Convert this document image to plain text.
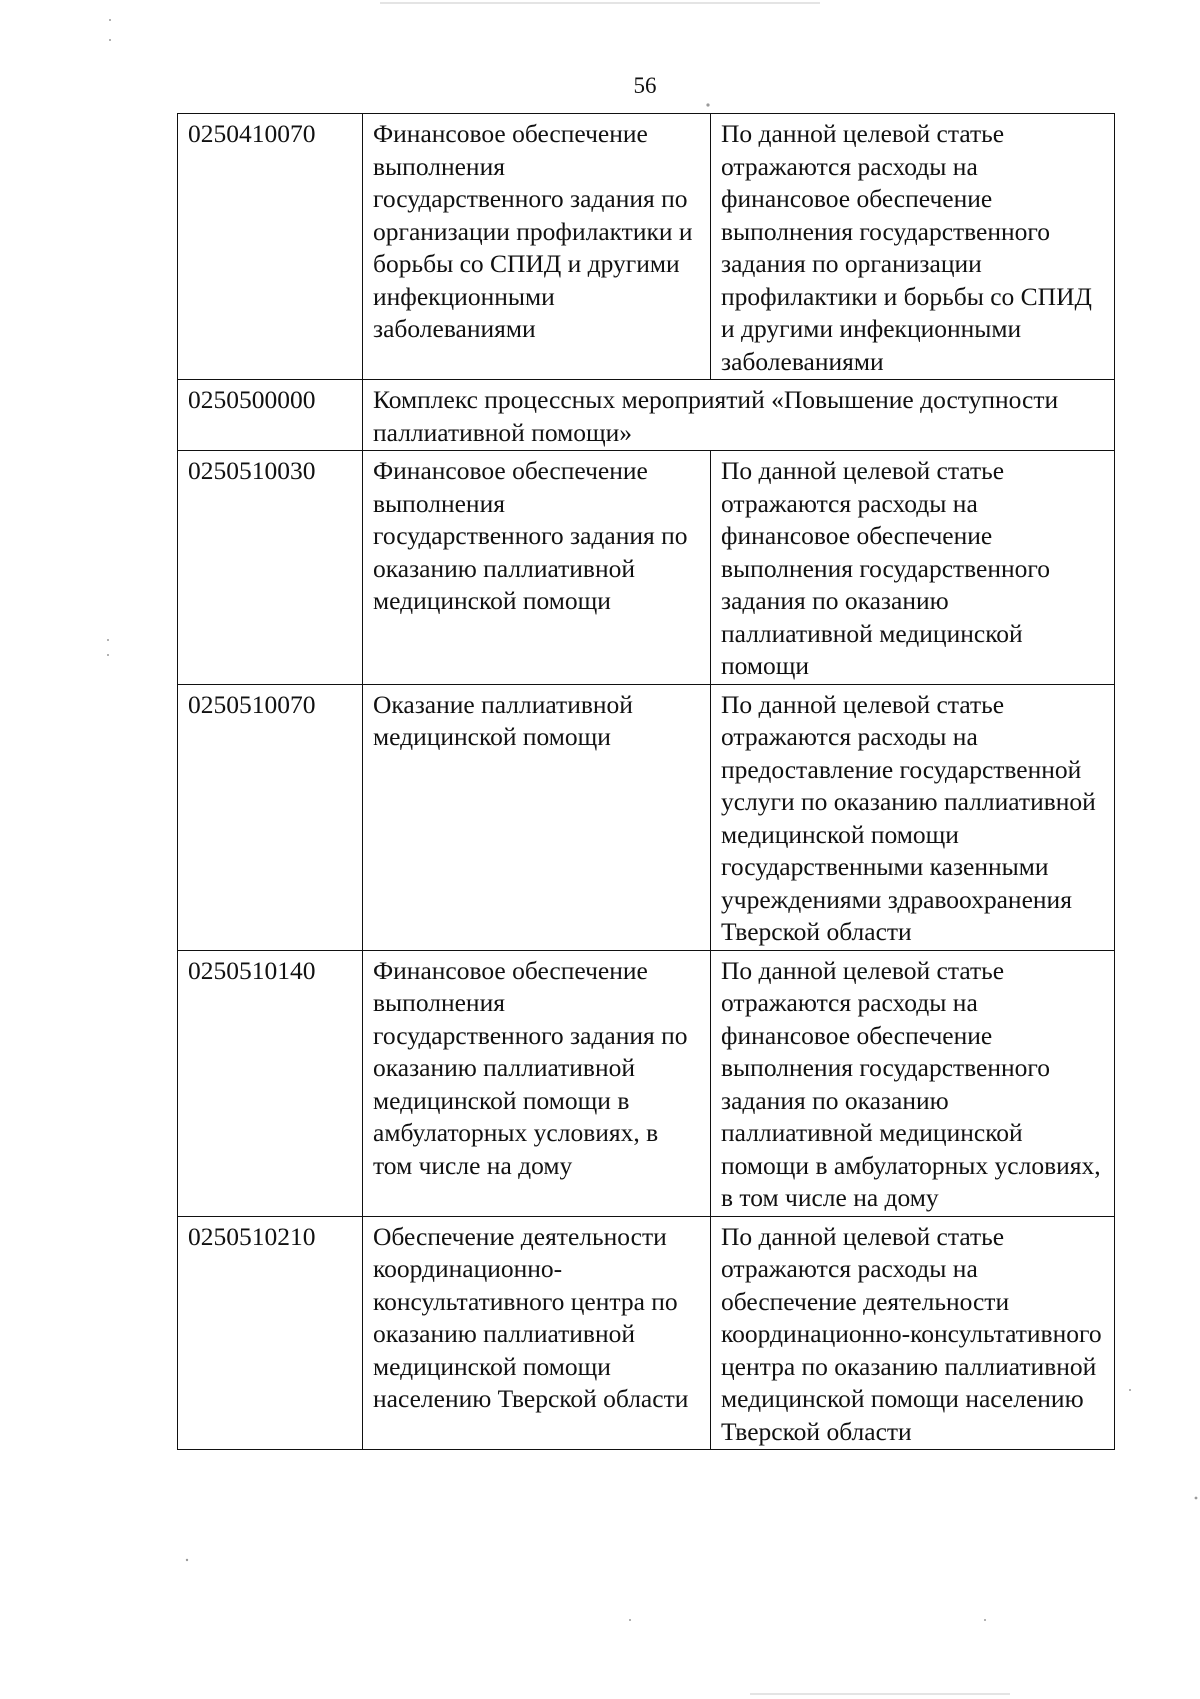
56
0250410070	Финансовое обеспечение выполнения государственного задания по организации профилактики и борьбы со СПИД и другими инфекционными заболеваниями	По данной целевой статье отражаются расходы на финансовое обеспечение выполнения государственного задания по организации профилактики и борьбы со СПИД и другими инфекционными заболеваниями
0250500000	Комплекс процессных мероприятий «Повышение доступности паллиативной помощи»	
0250510030	Финансовое обеспечение выполнения государственного задания по оказанию паллиативной медицинской помощи	По данной целевой статье отражаются расходы на финансовое обеспечение выполнения государственного задания по оказанию паллиативной медицинской помощи
0250510070	Оказание паллиативной медицинской помощи	По данной целевой статье отражаются расходы на предоставление государственной услуги по оказанию паллиативной медицинской помощи государственными казенными учреждениями здравоохранения Тверской области
0250510140	Финансовое обеспечение выполнения государственного задания по оказанию паллиативной медицинской помощи в амбулаторных условиях, в том числе на дому	По данной целевой статье отражаются расходы на финансовое обеспечение выполнения государственного задания по оказанию паллиативной медицинской помощи в амбулаторных условиях, в том числе на дому
0250510210	Обеспечение деятельности координационно-консультативного центра по оказанию паллиативной медицинской помощи населению Тверской области	По данной целевой статье отражаются расходы на обеспечение деятельности координационно-консультативного центра по оказанию паллиативной медицинской помощи населению Тверской области
